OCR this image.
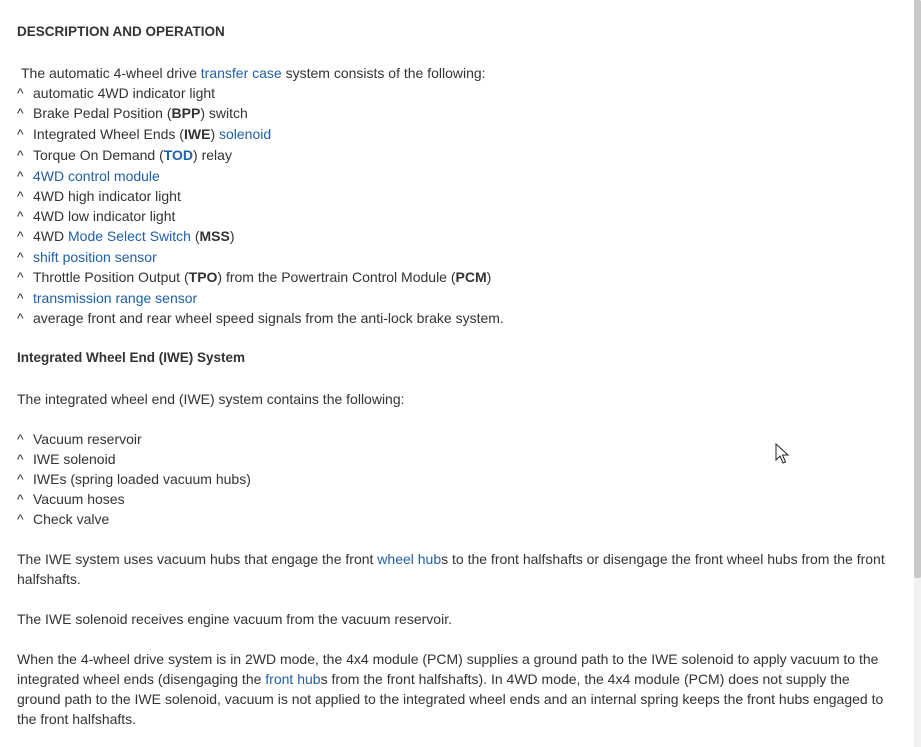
DESCRIPTION AND OPERATION
The automatic 4-wheel drive transfer case system consists of the following:
^ automatic 4WD indicator light
^ Brake Pedal Position (BPP) switch
^ Integrated Wheel Ends (IWE) solenoid
^ Torque On Demand (TOD) relay
^ 4WD control module
^ 4WD high indicator light
^ 4WD low indicator light
^ 4WD Mode Select Switch (MSS)
^ shift position sensor
^ Throttle Position Output (TPO) from the Powertrain Control Module (PCM)
^ transmission range sensor
^ average front and rear wheel speed signals from the anti-lock brake system.
Integrated Wheel End (IWE) System
The integrated wheel end (IWE) system contains the following:
^ Vacuum reservoir
^ IWE solenoid
^ IWEs (spring loaded vacuum hubs)
^ Vacuum hoses
^ Check valve
The IWE system uses vacuum hubs that engage the front wheel hubs to the front halfshafts or disengage the front wheel hubs from the front halfshafts.
The IWE solenoid receives engine vacuum from the vacuum reservoir.
When the 4-wheel drive system is in 2WD mode, the 4x4 module (PCM) supplies a ground path to the IWE solenoid to apply vacuum to the integrated wheel ends (disengaging the front hubs from the front halfshafts). In 4WD mode, the 4x4 module (PCM) does not supply the ground path to the IWE solenoid, vacuum is not applied to the integrated wheel ends and an internal spring keeps the front hubs engaged to the front halfshafts.
